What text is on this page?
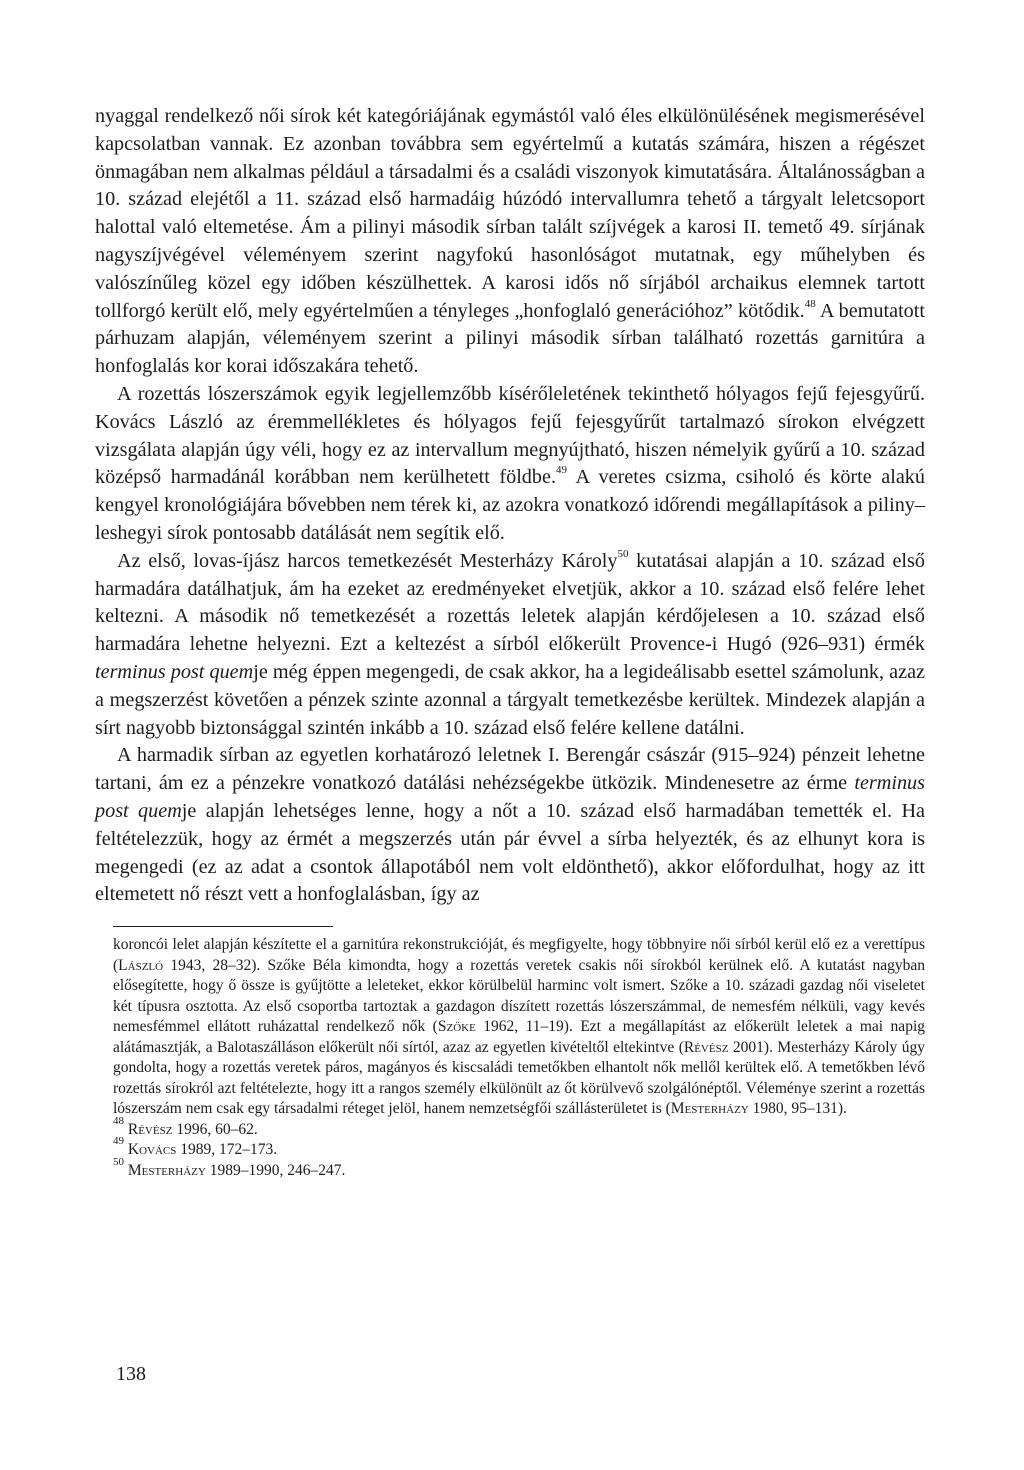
nyaggal rendelkező női sírok két kategóriájának egymástól való éles elkülönülésének megismerésével kapcsolatban vannak. Ez azonban továbbra sem egyértelmű a kutatás számára, hiszen a régészet önmagában nem alkalmas például a társadalmi és a családi viszonyok kimutatására. Általánosságban a 10. század elejétől a 11. század első harmadáig húzódó intervallumra tehető a tárgyalt leletcsoport halottal való eltemetése. Ám a pilinyi második sírban talált szíjvégek a karosi II. temető 49. sírjának nagyszíjvégével véleményem szerint nagyfokú hasonlóságot mutatnak, egy műhelyben és valószínűleg közel egy időben készülhettek. A karosi idős nő sírjából archaikus elemnek tartott tollforgó került elő, mely egyértelműen a tényleges „honfoglaló generációhoz” kötődik.$^{48}$ A bemutatott párhuzam alapján, véleményem szerint a pilinyi második sírban található rozettás garnitúra a honfoglalás kor korai időszakára tehető.

A rozettás lószerszámok egyik legjellemzőbb kísérőleletének tekinthető hólyagos fejű fejesgyűrű. Kovács László az éremmellékletes és hólyagos fejű fejesgyűrűt tartalmazó sírokon elvégzett vizsgálata alapján úgy véli, hogy ez az intervallum megnyújtható, hiszen némelyik gyűrű a 10. század középső harmadánál korábban nem kerülhetett földbe.$^{49}$ A veretes csizma, csiholó és körte alakú kengyel kronológiájára bővebben nem térek ki, az azokra vonatkozó időrendi megállapítások a piliny–leshegyi sírok pontosabb datálását nem segítik elő.

Az első, lovas-íjász harcos temetkezését Mesterházy Károly$^{50}$ kutatásai alapján a 10. század első harmadára datálhatjuk, ám ha ezeket az eredményeket elvetjük, akkor a 10. század első felére lehet keltezni. A második nő temetkezését a rozettás leletek alapján kérdőjelesen a 10. század első harmadára lehetne helyezni. Ezt a keltezést a sírból előkerült Provence-i Hugó (926–931) érmék terminus post quemje még éppen megengedi, de csak akkor, ha a legideálisabb esettel számolunk, azaz a megszerzést követően a pénzek szinte azonnal a tárgyalt temetkezésbe kerültek. Mindezek alapján a sírt nagyobb biztonsággal szintén inkább a 10. század első felére kellene datálni.

A harmadik sírban az egyetlen korhatározó leletnek I. Berengár császár (915–924) pénzeit lehetne tartani, ám ez a pénzekre vonatkozó datálási nehézségekbe ütközik. Mindenesetre az érme terminus post quemje alapján lehetséges lenne, hogy a nőt a 10. század első harmadában temették el. Ha feltételezzük, hogy az érmét a megszerzés után pár évvel a sírba helyezték, és az elhunyt kora is megengedi (ez az adat a csontok állapotából nem volt eldönthető), akkor előfordulhat, hogy az itt eltemetett nő részt vett a honfoglalásban, így az

koroncói lelet alapján készítette el a garnitúra rekonstrukcióját, és megfigyelte, hogy többnyire női sírból kerül elő ez a verettípus (László 1943, 28–32). Szőke Béla kimondta, hogy a rozettás veretek csakis női sírokból kerülnek elő. A kutatást nagyban elősegítette, hogy ő össze is gyűjtötte a leleteket, ekkor körülbelül harminc volt ismert. Szőke a 10. századi gazdag női viseletet két típusra osztotta. Az első csoportba tartoztak a gazdagon díszített rozettás lószerszámmal, de nemesfém nélküli, vagy kevés nemesfémmel ellátott ruházattal rendelkező nők (Szőke 1962, 11–19). Ezt a megállapítást az előkerült leletek a mai napig alátámasztják, a Balotaszálláson előkerült női sírtól, azaz az egyetlen kivételtől eltekintve (Révész 2001). Mesterházy Károly úgy gondolta, hogy a rozettás veretek páros, magányos és kiscsaládi temetőkben elhantolt nők mellől kerültek elő. A temetőkben lévő rozettás sírokról azt feltételezte, hogy itt a rangos személy elkülönült az őt körülvevő szolgálónéptől. Véleménye szerint a rozettás lószerszám nem csak egy társadalmi réteget jelöl, hanem nemzetségfői szállásterületet is (Mesterházy 1980, 95–131).

$^{48}$ Révész 1996, 60–62.

$^{49}$ Kovács 1989, 172–173.

$^{50}$ Mesterházy 1989–1990, 246–247.

138
